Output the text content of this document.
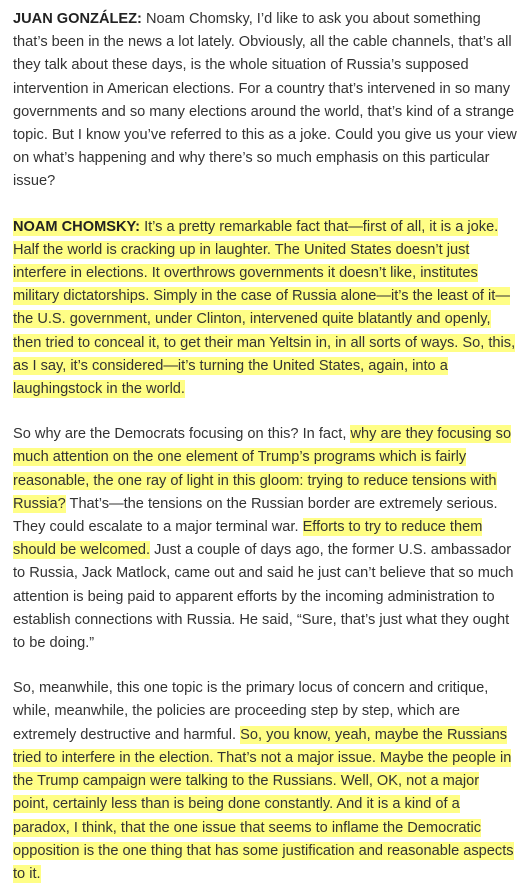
JUAN GONZÁLEZ: Noam Chomsky, I’d like to ask you about something that’s been in the news a lot lately. Obviously, all the cable channels, that’s all they talk about these days, is the whole situation of Russia’s supposed intervention in American elections. For a country that’s intervened in so many governments and so many elections around the world, that’s kind of a strange topic. But I know you’ve referred to this as a joke. Could you give us your view on what’s happening and why there’s so much emphasis on this particular issue?

NOAM CHOMSKY: It’s a pretty remarkable fact that—first of all, it is a joke. Half the world is cracking up in laughter. The United States doesn’t just interfere in elections. It overthrows governments it doesn’t like, institutes military dictatorships. Simply in the case of Russia alone—it’s the least of it—the U.S. government, under Clinton, intervened quite blatantly and openly, then tried to conceal it, to get their man Yeltsin in, in all sorts of ways. So, this, as I say, it’s considered—it’s turning the United States, again, into a laughingstock in the world.

So why are the Democrats focusing on this? In fact, why are they focusing so much attention on the one element of Trump’s programs which is fairly reasonable, the one ray of light in this gloom: trying to reduce tensions with Russia? That’s—the tensions on the Russian border are extremely serious. They could escalate to a major terminal war. Efforts to try to reduce them should be welcomed. Just a couple of days ago, the former U.S. ambassador to Russia, Jack Matlock, came out and said he just can’t believe that so much attention is being paid to apparent efforts by the incoming administration to establish connections with Russia. He said, “Sure, that’s just what they ought to be doing.”

So, meanwhile, this one topic is the primary locus of concern and critique, while, meanwhile, the policies are proceeding step by step, which are extremely destructive and harmful. So, you know, yeah, maybe the Russians tried to interfere in the election. That’s not a major issue. Maybe the people in the Trump campaign were talking to the Russians. Well, OK, not a major point, certainly less than is being done constantly. And it is a kind of a paradox, I think, that the one issue that seems to inflame the Democratic opposition is the one thing that has some justification and reasonable aspects to it.
